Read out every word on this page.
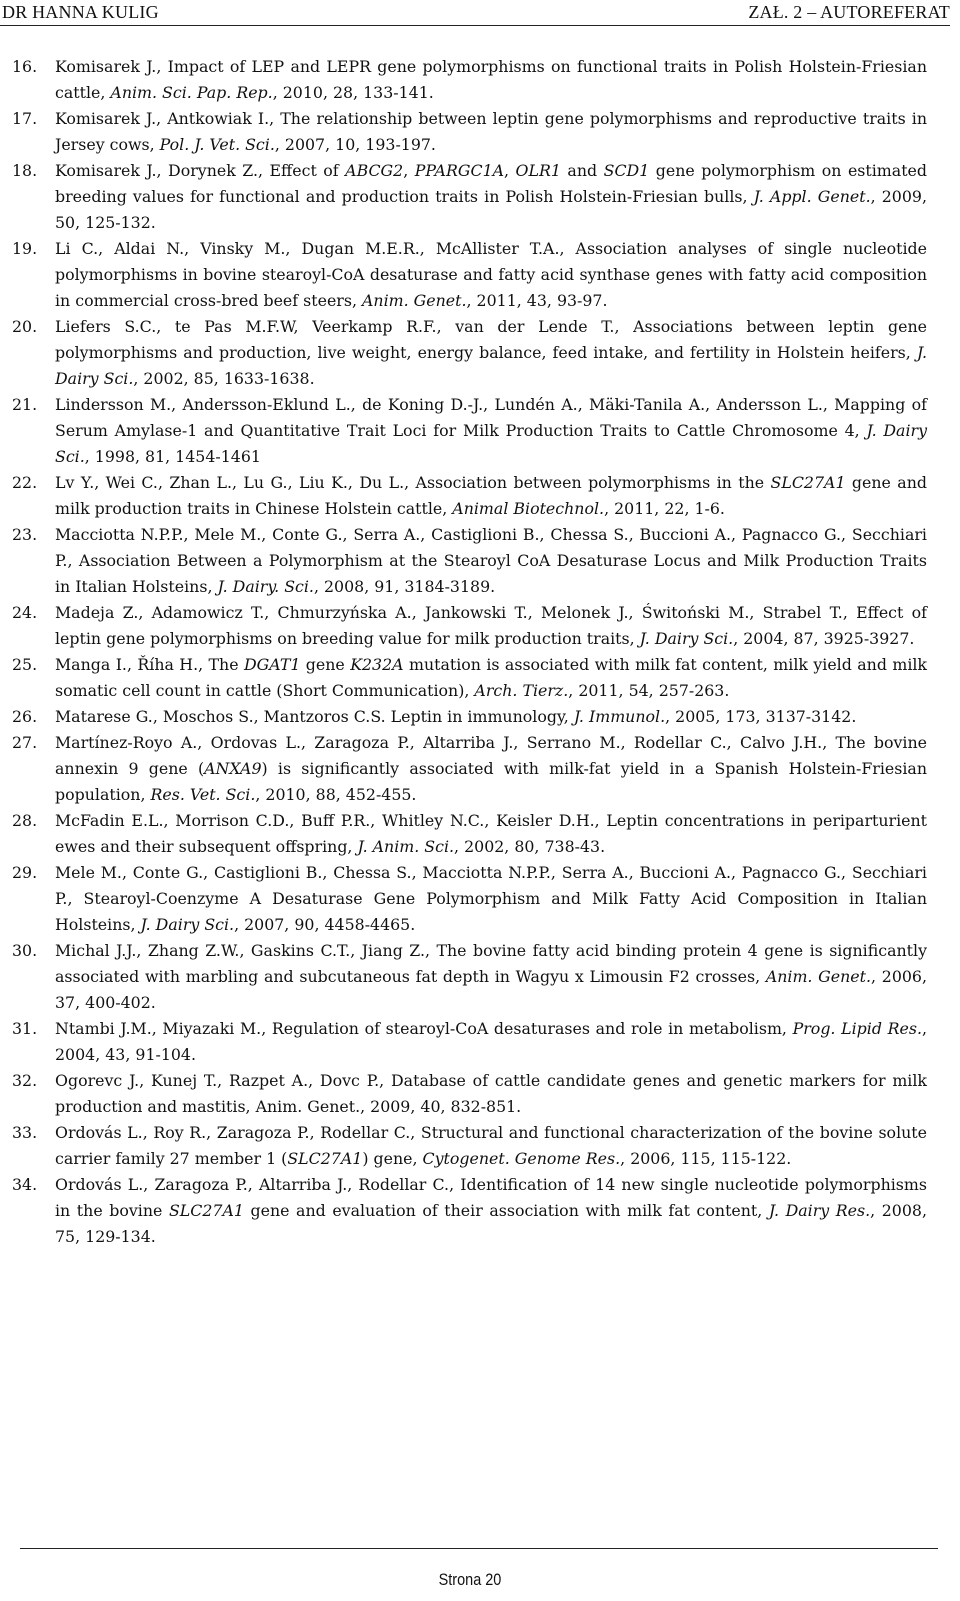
DR HANNA KULIG	ZAŁ. 2 – AUTOREFERAT
16.	Komisarek J., Impact of LEP and LEPR gene polymorphisms on functional traits in Polish Holstein-Friesian cattle, Anim. Sci. Pap. Rep., 2010, 28, 133-141.
17.	Komisarek J., Antkowiak I., The relationship between leptin gene polymorphisms and reproductive traits in Jersey cows, Pol. J. Vet. Sci., 2007, 10, 193-197.
18.	Komisarek J., Dorynek Z., Effect of ABCG2, PPARGC1A, OLR1 and SCD1 gene polymorphism on estimated breeding values for functional and production traits in Polish Holstein-Friesian bulls, J. Appl. Genet., 2009, 50, 125-132.
19.	Li C., Aldai N., Vinsky M., Dugan M.E.R., McAllister T.A., Association analyses of single nucleotide polymorphisms in bovine stearoyl-CoA desaturase and fatty acid synthase genes with fatty acid composition in commercial cross-bred beef steers, Anim. Genet., 2011, 43, 93-97.
20.	Liefers S.C., te Pas M.F.W, Veerkamp R.F., van der Lende T., Associations between leptin gene polymorphisms and production, live weight, energy balance, feed intake, and fertility in Holstein heifers, J. Dairy Sci., 2002, 85, 1633-1638.
21.	Lindersson M., Andersson-Eklund L., de Koning D.-J., Lundén A., Mäki-Tanila A., Andersson L., Mapping of Serum Amylase-1 and Quantitative Trait Loci for Milk Production Traits to Cattle Chromosome 4, J. Dairy Sci., 1998, 81, 1454-1461
22.	Lv Y., Wei C., Zhan L., Lu G., Liu K., Du L., Association between polymorphisms in the SLC27A1 gene and milk production traits in Chinese Holstein cattle, Animal Biotechnol., 2011, 22, 1-6.
23.	Macciotta N.P.P., Mele M., Conte G., Serra A., Castiglioni B., Chessa S., Buccioni A., Pagnacco G., Secchiari P., Association Between a Polymorphism at the Stearoyl CoA Desaturase Locus and Milk Production Traits in Italian Holsteins, J. Dairy. Sci., 2008, 91, 3184-3189.
24.	Madeja Z., Adamowicz T., Chmurzyńska A., Jankowski T., Melonek J., Świtoński M., Strabel T., Effect of leptin gene polymorphisms on breeding value for milk production traits, J. Dairy Sci., 2004, 87, 3925-3927.
25.	Manga I., Říha H., The DGAT1 gene K232A mutation is associated with milk fat content, milk yield and milk somatic cell count in cattle (Short Communication), Arch. Tierz., 2011, 54, 257-263.
26.	Matarese G., Moschos S., Mantzoros C.S. Leptin in immunology, J. Immunol., 2005, 173, 3137-3142.
27.	Martínez-Royo A., Ordovas L., Zaragoza P., Altarriba J., Serrano M., Rodellar C., Calvo J.H., The bovine annexin 9 gene (ANXA9) is significantly associated with milk-fat yield in a Spanish Holstein-Friesian population, Res. Vet. Sci., 2010, 88, 452-455.
28.	McFadin E.L., Morrison C.D., Buff P.R., Whitley N.C., Keisler D.H., Leptin concentrations in periparturient ewes and their subsequent offspring, J. Anim. Sci., 2002, 80, 738-43.
29.	Mele M., Conte G., Castiglioni B., Chessa S., Macciotta N.P.P., Serra A., Buccioni A., Pagnacco G., Secchiari P., Stearoyl-Coenzyme A Desaturase Gene Polymorphism and Milk Fatty Acid Composition in Italian Holsteins, J. Dairy Sci., 2007, 90, 4458-4465.
30.	Michal J.J., Zhang Z.W., Gaskins C.T., Jiang Z., The bovine fatty acid binding protein 4 gene is significantly associated with marbling and subcutaneous fat depth in Wagyu x Limousin F2 crosses, Anim. Genet., 2006, 37, 400-402.
31.	Ntambi J.M., Miyazaki M., Regulation of stearoyl-CoA desaturases and role in metabolism, Prog. Lipid Res., 2004, 43, 91-104.
32.	Ogorevc J., Kunej T., Razpet A., Dovc P., Database of cattle candidate genes and genetic markers for milk production and mastitis, Anim. Genet., 2009, 40, 832-851.
33.	Ordovás L., Roy R., Zaragoza P., Rodellar C., Structural and functional characterization of the bovine solute carrier family 27 member 1 (SLC27A1) gene, Cytogenet. Genome Res., 2006, 115, 115-122.
34.	Ordovás L., Zaragoza P., Altarriba J., Rodellar C., Identification of 14 new single nucleotide polymorphisms in the bovine SLC27A1 gene and evaluation of their association with milk fat content, J. Dairy Res., 2008, 75, 129-134.
Strona 20
